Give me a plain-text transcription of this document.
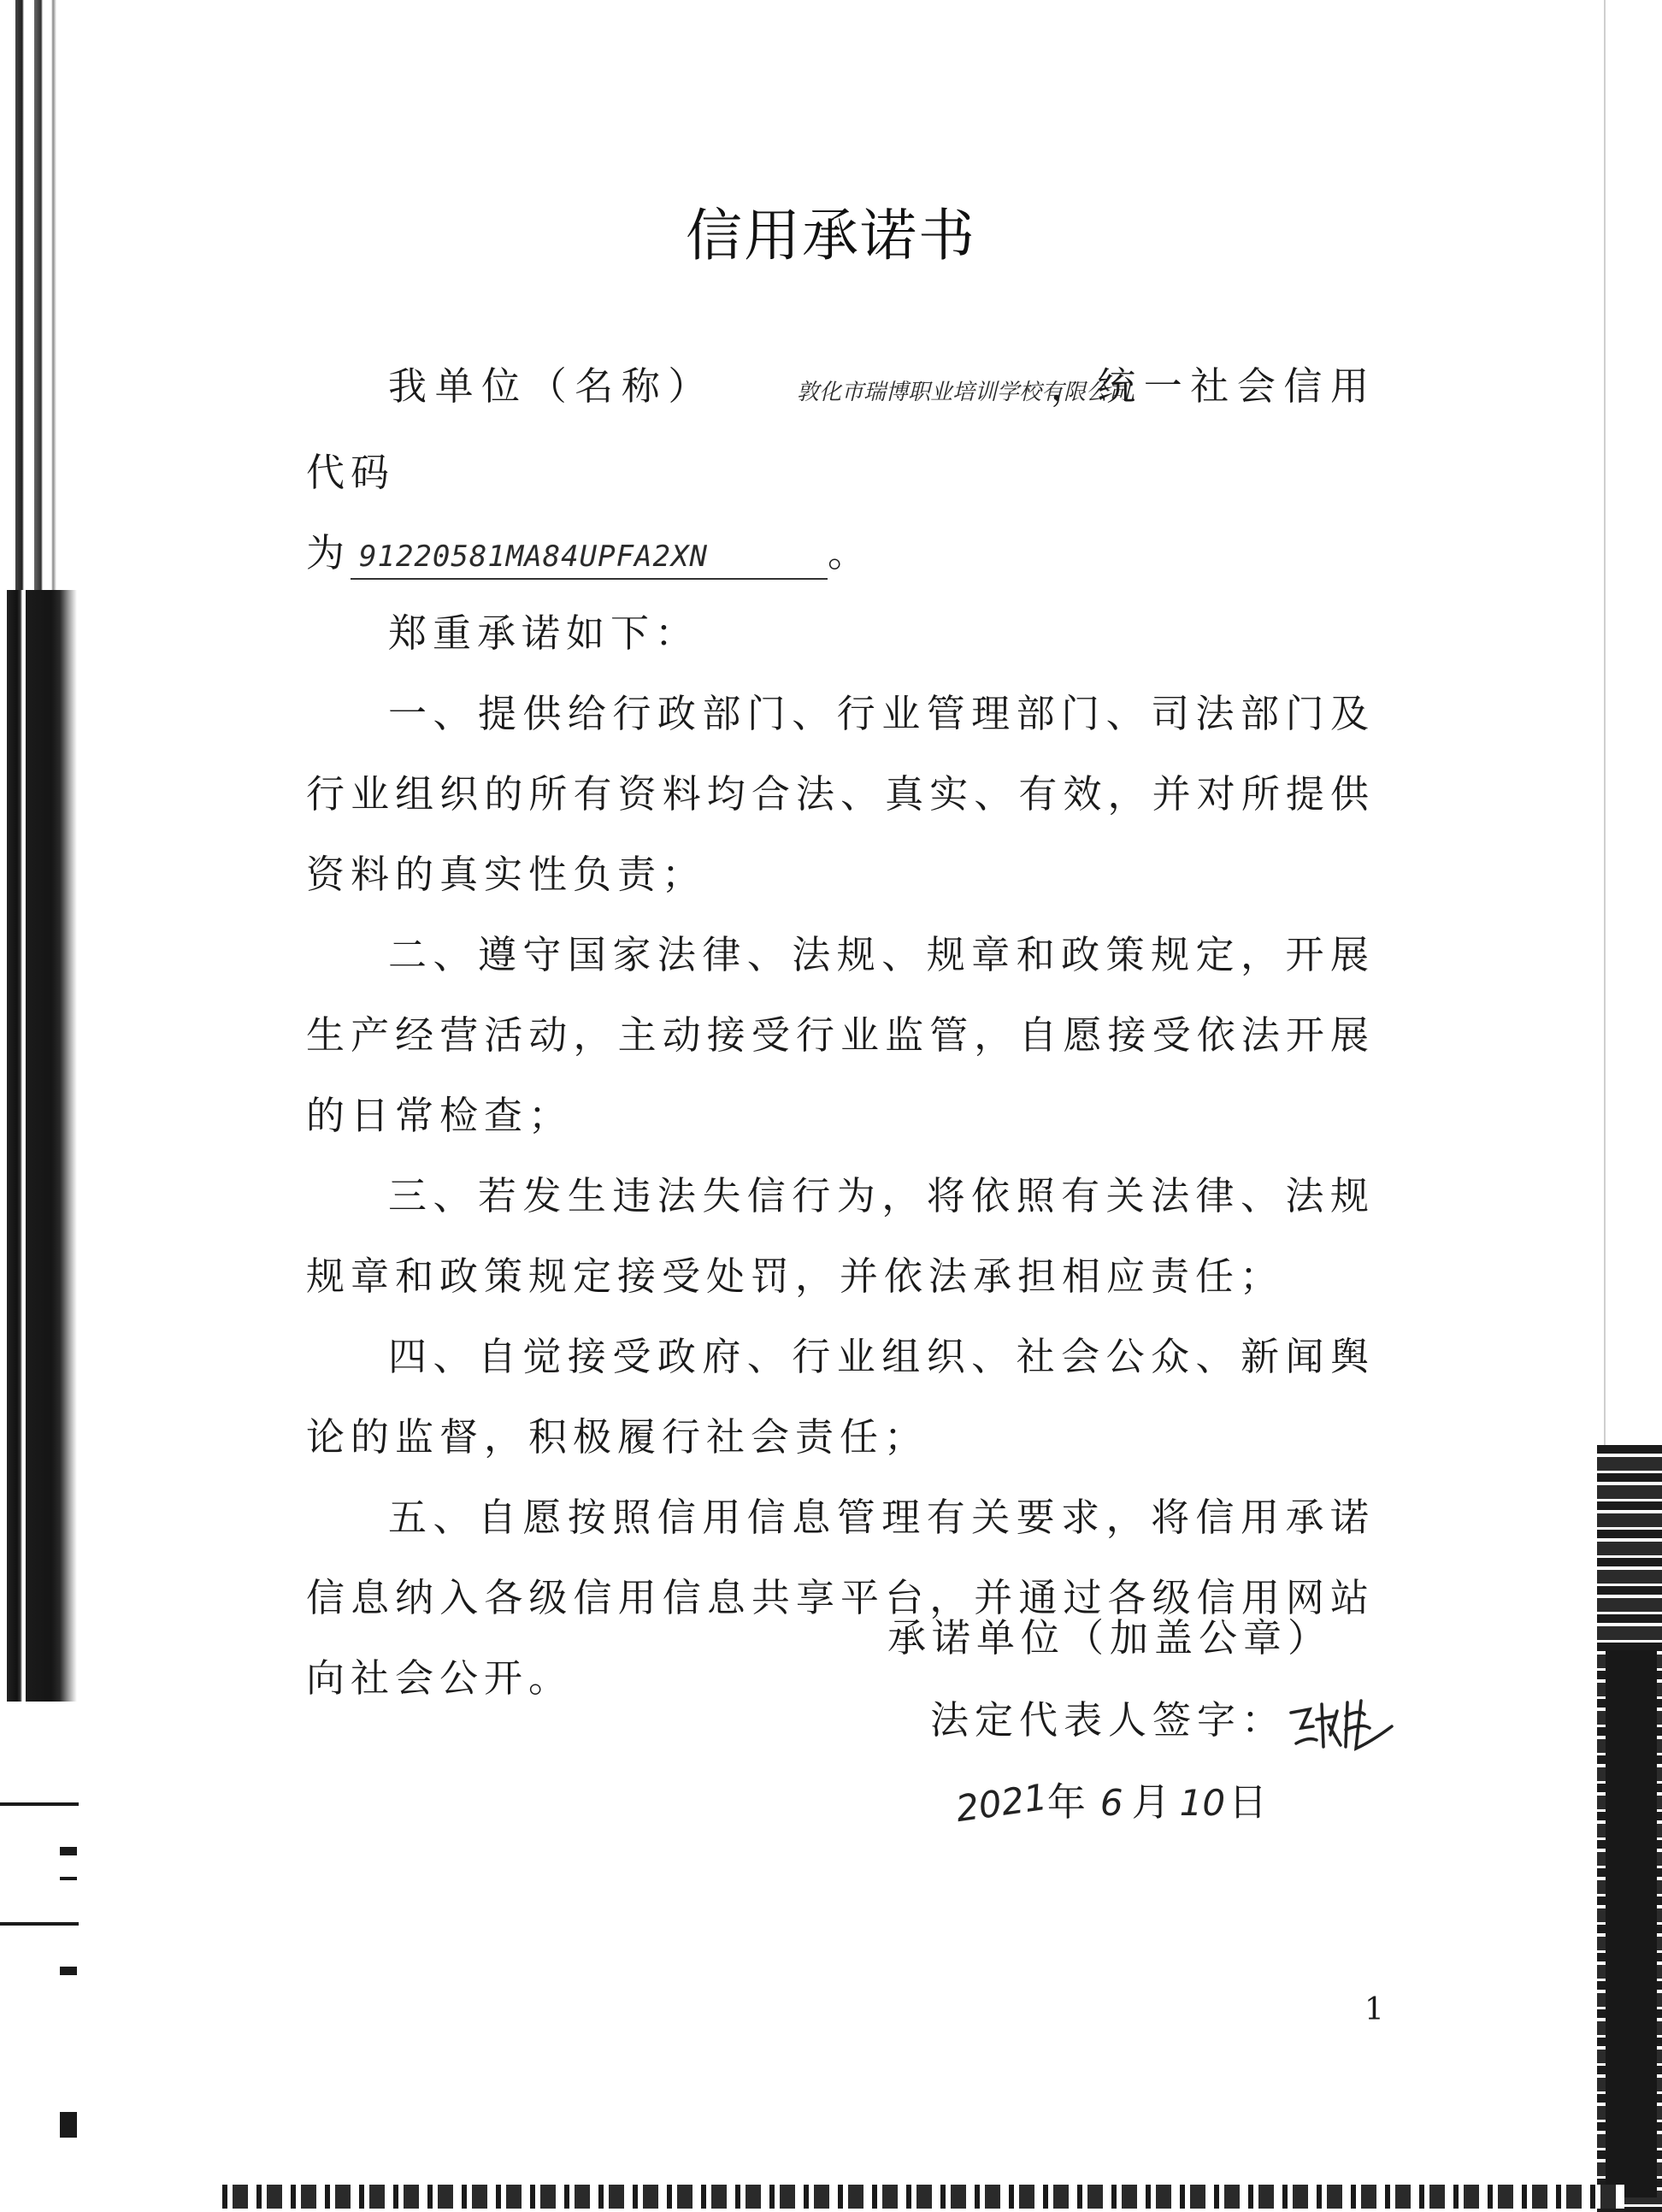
信用承诺书

我单位（名称）	敦化市瑞博职业培训学校有限公司，统一社会信用代码

为 91220581MA84UPFA2XN	。

郑重承诺如下：

一、提供给行政部门、行业管理部门、司法部门及行业组织的所有资料均合法、真实、有效，并对所提供资料的真实性负责；

二、遵守国家法律、法规、规章和政策规定，开展生产经营活动，主动接受行业监管，自愿接受依法开展的日常检查；

三、若发生违法失信行为，将依照有关法律、法规规章和政策规定接受处罚，并依法承担相应责任；

四、自觉接受政府、行业组织、社会公众、新闻舆论的监督，积极履行社会责任；

五、自愿按照信用信息管理有关要求，将信用承诺信息纳入各级信用信息共享平台，并通过各级信用网站向社会公开。

承诺单位（加盖公章）
法定代表人签字：
2021年 6 月10日
1
